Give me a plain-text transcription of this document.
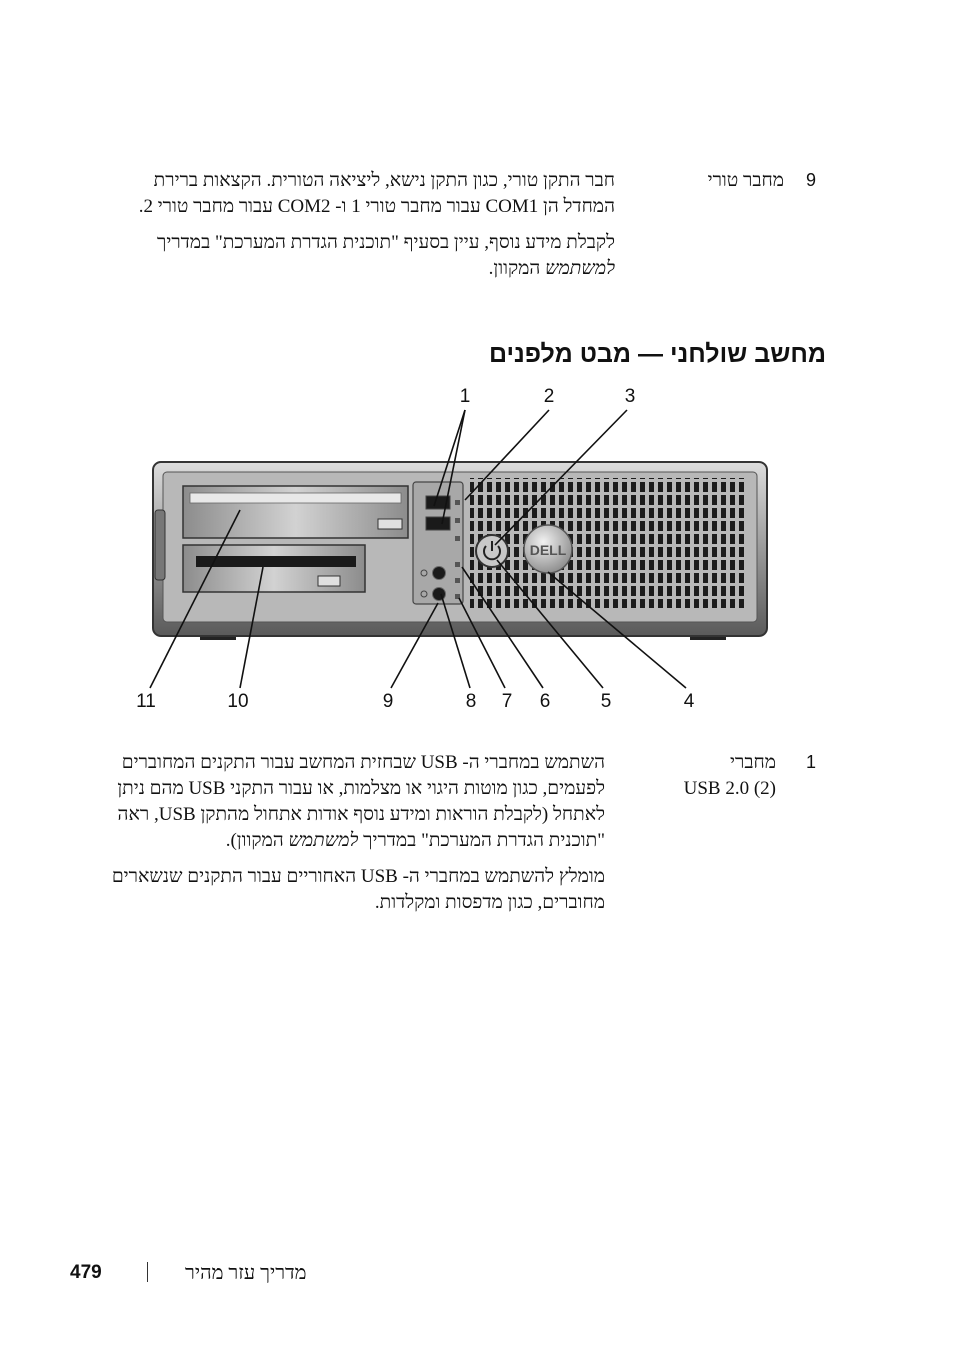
9
מחבר טורי

חבר התקן טורי, כגון התקן נישא, ליציאה הטורית. הקצאות ברירת המחדל הן COM1 עבור מחבר טורי 1 ו- COM2 עבור מחבר טורי 2.

לקבלת מידע נוסף, עיין בסעיף "תוכנית הגדרת המערכת" במדריך למשתמש המקוון.

מחשב שולחני — מבט מלפנים
1	2	3
4
5
6
7
8
9
10
11
DELL
1
מחברי
USB 2.0 (2)

השתמש במחברי ה- USB שבחזית המחשב עבור התקנים המחוברים לפעמים, כגון מוטות היגוי או מצלמות, או עבור התקני USB מהם ניתן לאתחל (לקבלת הוראות ומידע נוסף אודות אתחול מהתקן USB, ראה "תוכנית הגדרת המערכת" במדריך למשתמש המקוון).

מומלץ להשתמש במחברי ה- USB האחוריים עבור התקנים שנשארים מחוברים, כגון מדפסות ומקלדות.

479	מדריך עזר מהיר
